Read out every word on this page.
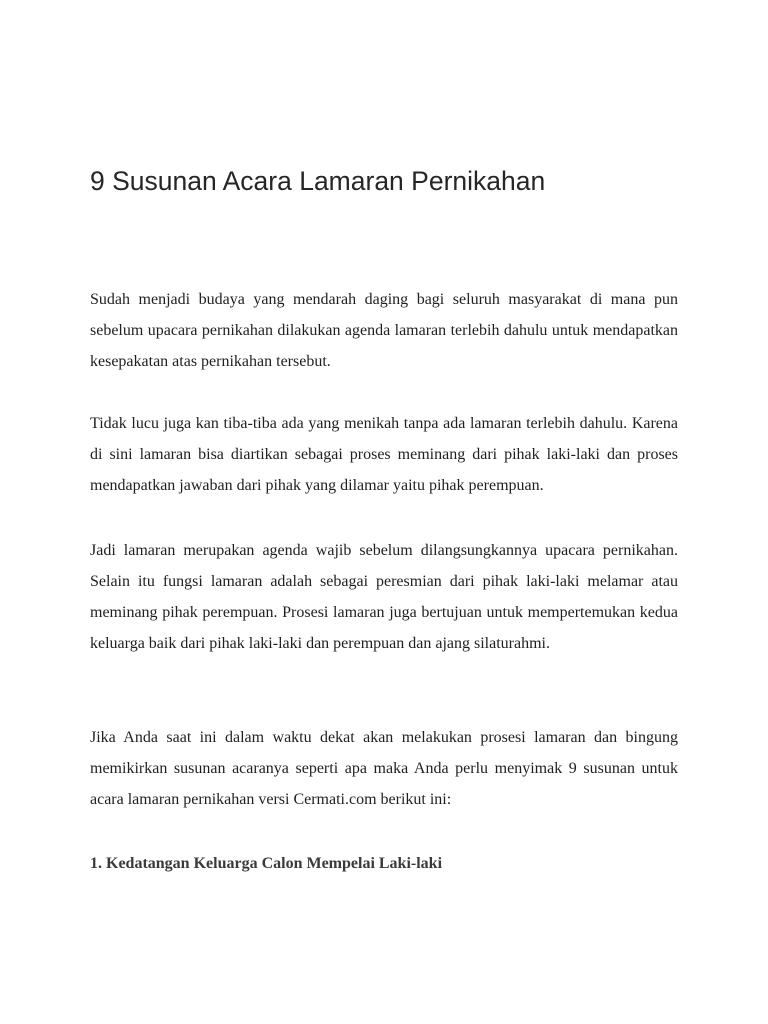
9 Susunan Acara Lamaran Pernikahan

Sudah menjadi budaya yang mendarah daging bagi seluruh masyarakat di mana pun sebelum upacara pernikahan dilakukan agenda lamaran terlebih dahulu untuk mendapatkan kesepakatan atas pernikahan tersebut.

Tidak lucu juga kan tiba-tiba ada yang menikah tanpa ada lamaran terlebih dahulu. Karena di sini lamaran bisa diartikan sebagai proses meminang dari pihak laki-laki dan proses mendapatkan jawaban dari pihak yang dilamar yaitu pihak perempuan.

Jadi lamaran merupakan agenda wajib sebelum dilangsungkannya upacara pernikahan. Selain itu fungsi lamaran adalah sebagai peresmian dari pihak laki-laki melamar atau meminang pihak perempuan. Prosesi lamaran juga bertujuan untuk mempertemukan kedua keluarga baik dari pihak laki-laki dan perempuan dan ajang silaturahmi.

Jika Anda saat ini dalam waktu dekat akan melakukan prosesi lamaran dan bingung memikirkan susunan acaranya seperti apa maka Anda perlu menyimak 9 susunan untuk acara lamaran pernikahan versi Cermati.com berikut ini:

1. Kedatangan Keluarga Calon Mempelai Laki-laki
